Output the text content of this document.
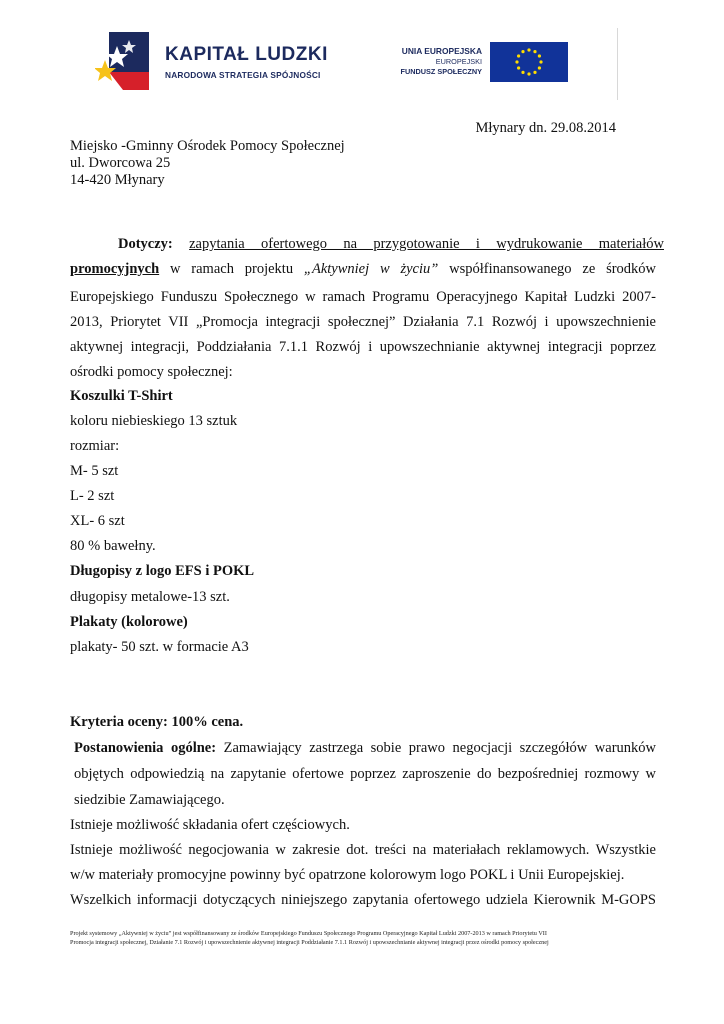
KAPITAŁ LUDZKI
NARODOWA STRATEGIA SPÓJNOŚCI
UNIA EUROPEJSKA
EUROPEJSKI
FUNDUSZ SPOŁECZNY
Młynary dn. 29.08.2014
Miejsko -Gminny Ośrodek Pomocy Społecznej
ul. Dworcowa 25
14-420 Młynary
Dotyczy: zapytania ofertowego na przygotowanie i wydrukowanie materiałów
promocyjnych w ramach projektu „Aktywniej w życiu” współfinansowanego ze środków
Europejskiego Funduszu Społecznego w ramach Programu Operacyjnego Kapitał Ludzki 2007-
2013, Priorytet VII „Promocja integracji społecznej” Działania 7.1 Rozwój i upowszechnienie
aktywnej integracji, Poddziałania 7.1.1 Rozwój i upowszechnianie aktywnej integracji poprzez
ośrodki pomocy społecznej:
Koszulki T-Shirt
koloru niebieskiego 13 sztuk
rozmiar:
M- 5 szt
L- 2 szt
XL- 6 szt
80 % bawełny.
Długopisy z logo EFS i POKL
długopisy metalowe-13 szt.
Plakaty (kolorowe)
plakaty- 50 szt. w formacie A3
Kryteria oceny: 100% cena.
Postanowienia ogólne: Zamawiający zastrzega sobie prawo negocjacji szczegółów warunków
objętych odpowiedzią na zapytanie ofertowe poprzez zaproszenie do bezpośredniej rozmowy w
siedzibie Zamawiającego.
Istnieje możliwość składania ofert częściowych.
Istnieje możliwość negocjowania w zakresie dot. treści na materiałach reklamowych. Wszystkie
w/w materiały promocyjne powinny być opatrzone kolorowym logo POKL i Unii Europejskiej.
Wszelkich informacji dotyczących niniejszego zapytania ofertowego udziela Kierownik M-GOPS
Projekt systemowy „Aktywniej w życiu” jest współfinansowany ze środków Europejskiego Funduszu Społecznego Programu Operacyjnego Kapitał Ludzki 2007-2013 w ramach Priorytetu VII
Promocja integracji społecznej, Działanie 7.1 Rozwój i upowszechnienie aktywnej integracji Poddziałanie 7.1.1 Rozwój i upowszechnianie aktywnej integracji przez ośrodki pomocy społecznej
